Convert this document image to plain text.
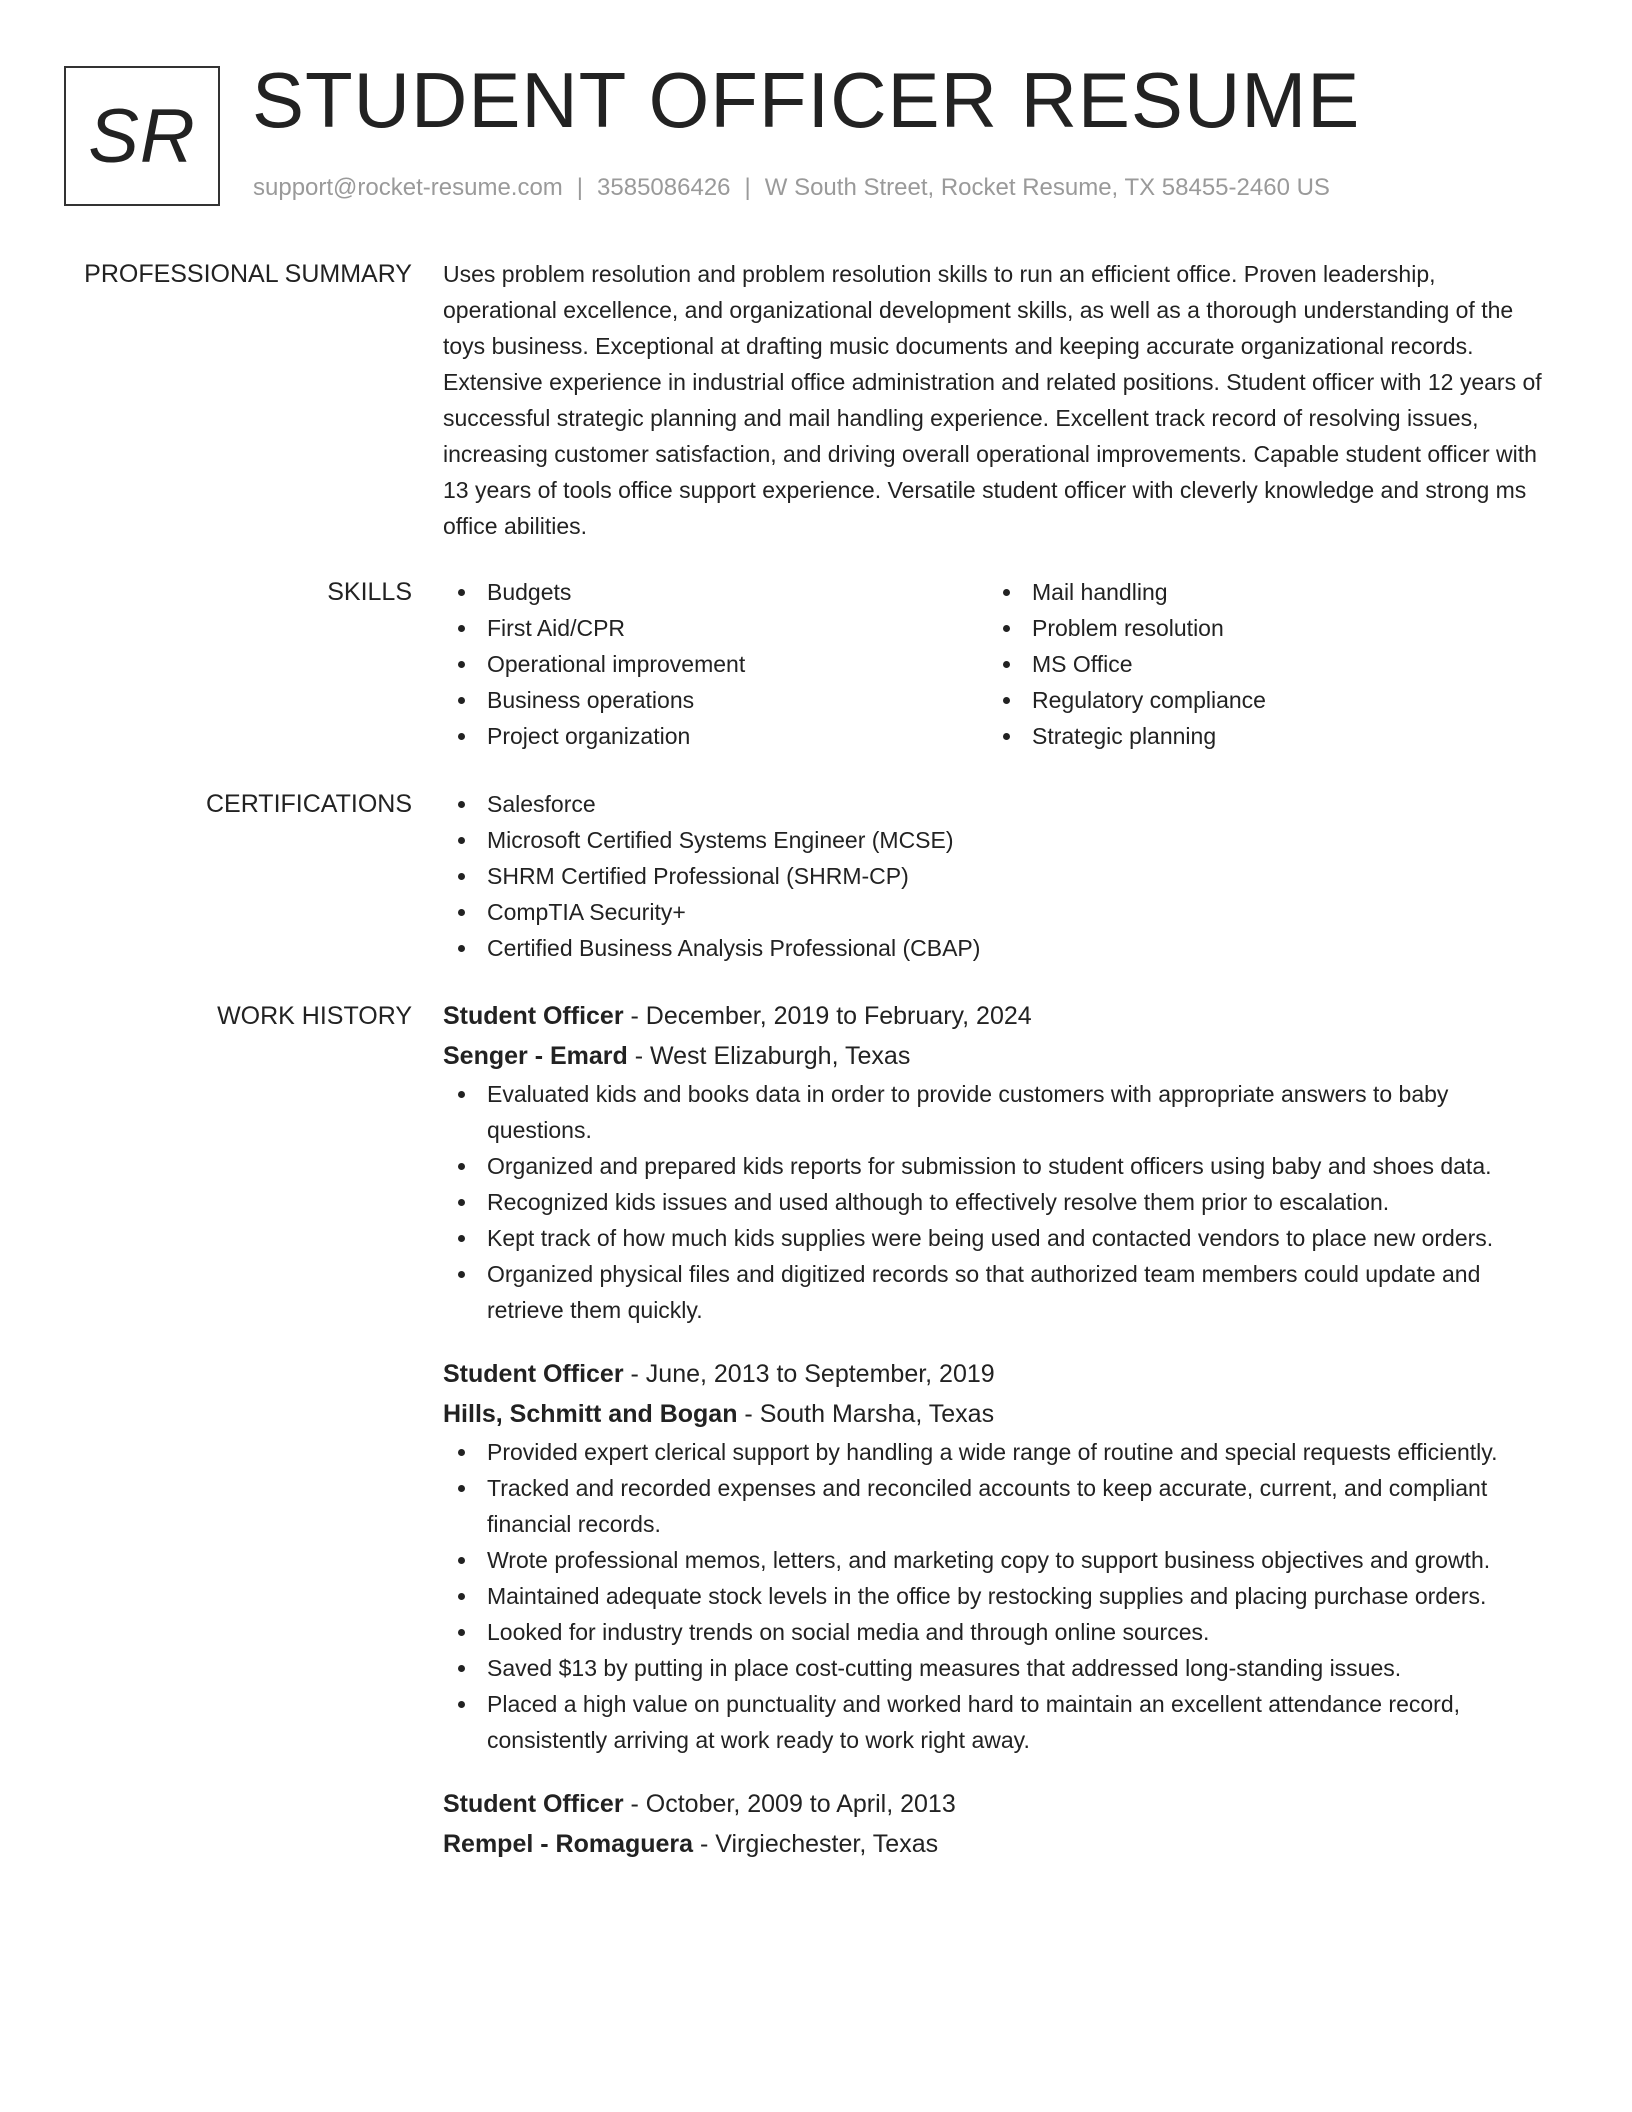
SR STUDENT OFFICER RESUME
support@rocket-resume.com | 3585086426 | W South Street, Rocket Resume, TX 58455-2460 US
PROFESSIONAL SUMMARY Uses problem resolution and problem resolution skills to run an efficient office. Proven leadership, operational excellence, and organizational development skills, as well as a thorough understanding of the toys business. Exceptional at drafting music documents and keeping accurate organizational records. Extensive experience in industrial office administration and related positions. Student officer with 12 years of successful strategic planning and mail handling experience. Excellent track record of resolving issues, increasing customer satisfaction, and driving overall operational improvements. Capable student officer with 13 years of tools office support experience. Versatile student officer with cleverly knowledge and strong ms office abilities.

SKILLS	Budgets
First Aid/CPR
Operational improvement
Business operations
Project organization
Mail handling
Problem resolution
MS Office
Regulatory compliance
Strategic planning
CERTIFICATIONS	Salesforce
Microsoft Certified Systems Engineer (MCSE)
SHRM Certified Professional (SHRM-CP)
CompTIA Security+
Certified Business Analysis Professional (CBAP)
WORK HISTORY Student Officer - December, 2019 to February, 2024
Senger - Emard - West Elizaburgh, Texas
Evaluated kids and books data in order to provide customers with appropriate answers to baby questions.
Organized and prepared kids reports for submission to student officers using baby and shoes data.
Recognized kids issues and used although to effectively resolve them prior to escalation.
Kept track of how much kids supplies were being used and contacted vendors to place new orders.
Organized physical files and digitized records so that authorized team members could update and retrieve them quickly.
Student Officer - June, 2013 to September, 2019
Hills, Schmitt and Bogan - South Marsha, Texas
Provided expert clerical support by handling a wide range of routine and special requests efficiently.
Tracked and recorded expenses and reconciled accounts to keep accurate, current, and compliant financial records.
Wrote professional memos, letters, and marketing copy to support business objectives and growth.
Maintained adequate stock levels in the office by restocking supplies and placing purchase orders.
Looked for industry trends on social media and through online sources.
Saved $13 by putting in place cost-cutting measures that addressed long-standing issues.
Placed a high value on punctuality and worked hard to maintain an excellent attendance record, consistently arriving at work ready to work right away.
Student Officer - October, 2009 to April, 2013
Rempel - Romaguera - Virgiechester, Texas
